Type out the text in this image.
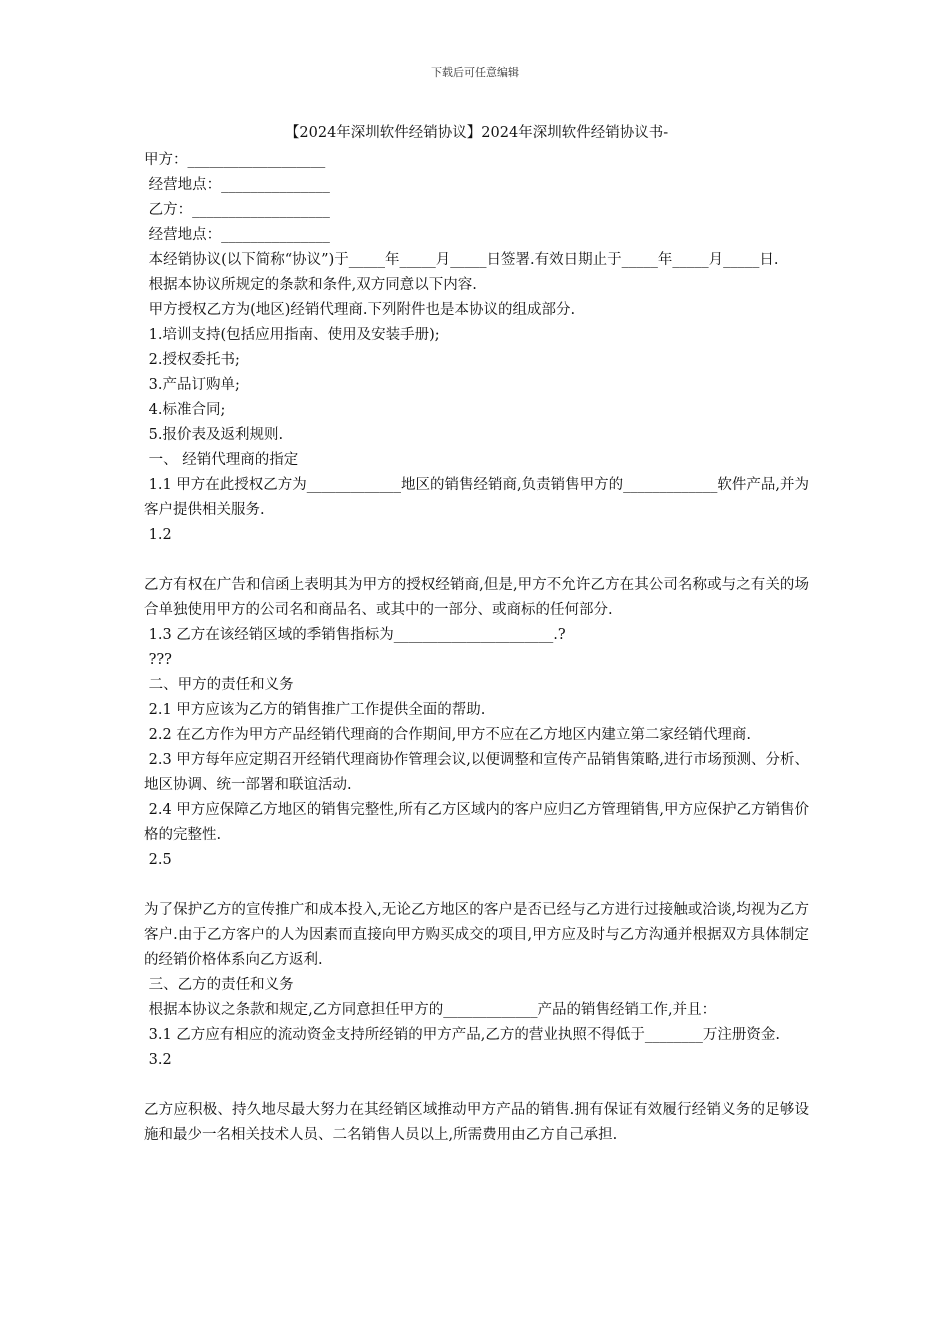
下载后可任意编辑
【2024年深圳软件经销协议】2024年深圳软件经销协议书-

甲方：___________________

经营地点：_______________

乙方：___________________

经营地点：_______________

本经销协议(以下简称“协议”)于_____年_____月_____日签署.有效日期止于_____年_____月_____日.

根据本协议所规定的条款和条件,双方同意以下内容.

甲方授权乙方为(地区)经销代理商.下列附件也是本协议的组成部分.

1.培训支持(包括应用指南、使用及安装手册);

2.授权委托书;

3.产品订购单;

4.标准合同;

5.报价表及返利规则.

一、 经销代理商的指定

1.1 甲方在此授权乙方为_____________地区的销售经销商,负责销售甲方的_____________软件产品,并为客户提供相关服务.

1.2

乙方有权在广告和信函上表明其为甲方的授权经销商,但是,甲方不允许乙方在其公司名称或与之有关的场合单独使用甲方的公司名和商品名、或其中的一部分、或商标的任何部分.

1.3 乙方在该经销区域的季销售指标为______________________.?

???

二、甲方的责任和义务

2.1 甲方应该为乙方的销售推广工作提供全面的帮助.

2.2 在乙方作为甲方产品经销代理商的合作期间,甲方不应在乙方地区内建立第二家经销代理商.

2.3 甲方每年应定期召开经销代理商协作管理会议,以便调整和宣传产品销售策略,进行市场预测、分析、地区协调、统一部署和联谊活动.

2.4 甲方应保障乙方地区的销售完整性,所有乙方区域内的客户应归乙方管理销售,甲方应保护乙方销售价格的完整性.

2.5

为了保护乙方的宣传推广和成本投入,无论乙方地区的客户是否已经与乙方进行过接触或洽谈,均视为乙方客户.由于乙方客户的人为因素而直接向甲方购买成交的项目,甲方应及时与乙方沟通并根据双方具体制定的经销价格体系向乙方返利.

三、乙方的责任和义务

根据本协议之条款和规定,乙方同意担任甲方的_____________产品的销售经销工作,并且：

3.1 乙方应有相应的流动资金支持所经销的甲方产品,乙方的营业执照不得低于________万注册资金.

3.2

乙方应积极、持久地尽最大努力在其经销区域推动甲方产品的销售.拥有保证有效履行经销义务的足够设施和最少一名相关技术人员、二名销售人员以上,所需费用由乙方自己承担.
